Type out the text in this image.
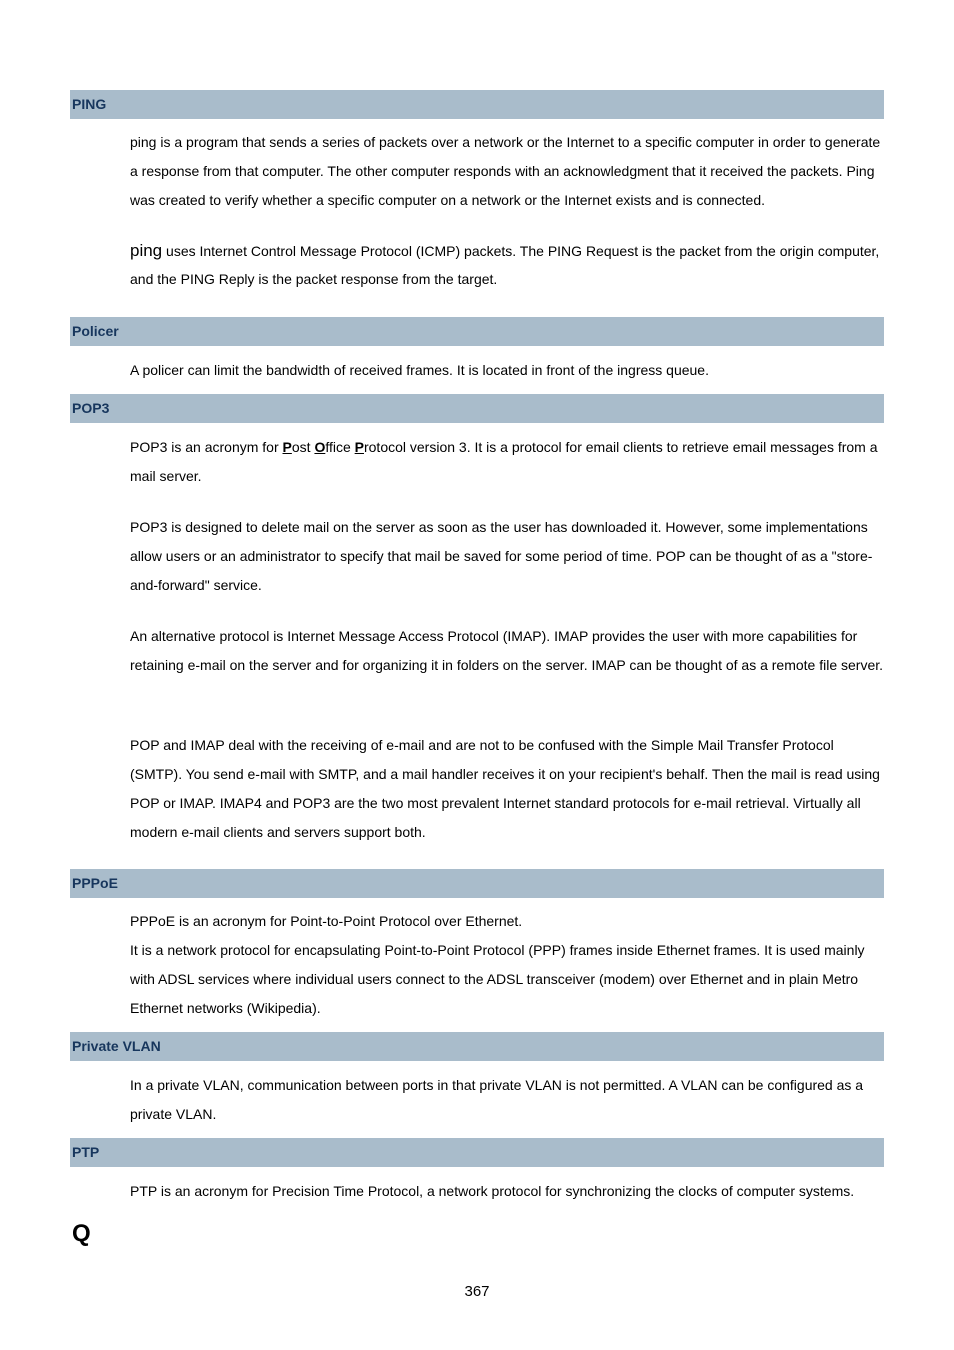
PING

ping is a program that sends a series of packets over a network or the Internet to a specific computer in order to generate a response from that computer. The other computer responds with an acknowledgment that it received the packets. Ping was created to verify whether a specific computer on a network or the Internet exists and is connected.

ping uses Internet Control Message Protocol (ICMP) packets. The PING Request is the packet from the origin computer, and the PING Reply is the packet response from the target.

Policer

A policer can limit the bandwidth of received frames. It is located in front of the ingress queue.

POP3

POP3 is an acronym for Post Office Protocol version 3. It is a protocol for email clients to retrieve email messages from a mail server.

POP3 is designed to delete mail on the server as soon as the user has downloaded it. However, some implementations allow users or an administrator to specify that mail be saved for some period of time. POP can be thought of as a "store-and-forward" service.

An alternative protocol is Internet Message Access Protocol (IMAP). IMAP provides the user with more capabilities for retaining e-mail on the server and for organizing it in folders on the server. IMAP can be thought of as a remote file server.

POP and IMAP deal with the receiving of e-mail and are not to be confused with the Simple Mail Transfer Protocol (SMTP). You send e-mail with SMTP, and a mail handler receives it on your recipient's behalf. Then the mail is read using POP or IMAP. IMAP4 and POP3 are the two most prevalent Internet standard protocols for e-mail retrieval. Virtually all modern e-mail clients and servers support both.

PPPoE

PPPoE is an acronym for Point-to-Point Protocol over Ethernet.

It is a network protocol for encapsulating Point-to-Point Protocol (PPP) frames inside Ethernet frames. It is used mainly with ADSL services where individual users connect to the ADSL transceiver (modem) over Ethernet and in plain Metro Ethernet networks (Wikipedia).

Private VLAN

In a private VLAN, communication between ports in that private VLAN is not permitted. A VLAN can be configured as a private VLAN.

PTP

PTP is an acronym for Precision Time Protocol, a network protocol for synchronizing the clocks of computer systems.

Q
367
